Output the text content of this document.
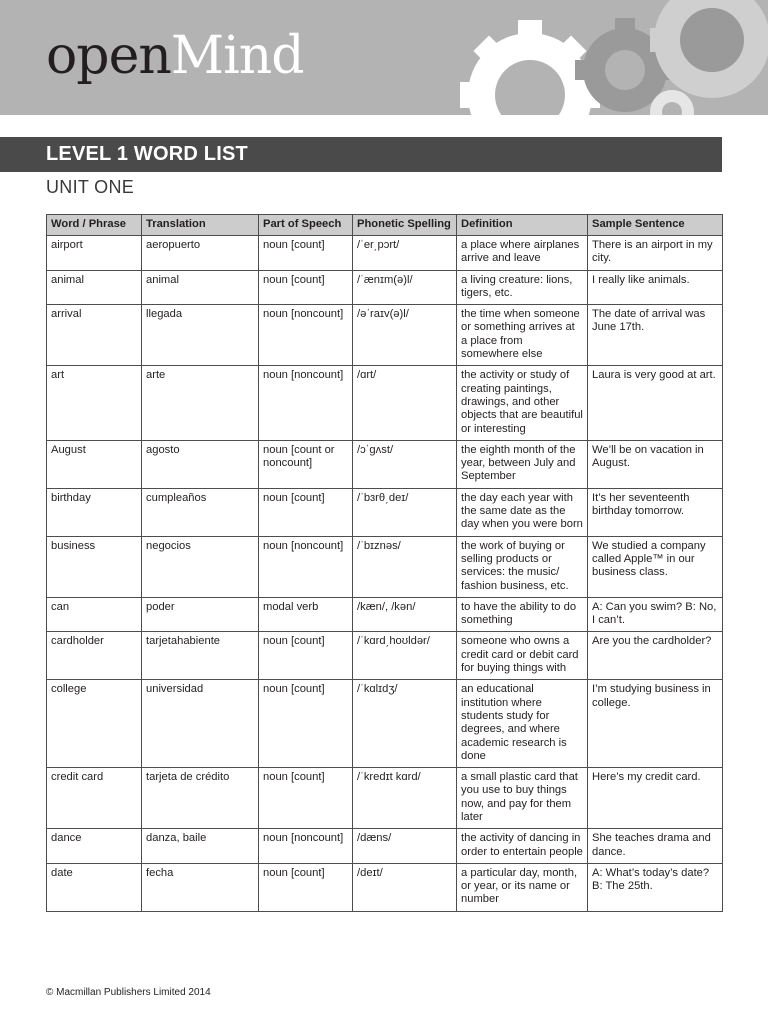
openMind
LEVEL 1 WORD LIST
UNIT ONE
Word / Phrase	Translation	Part of Speech	Phonetic Spelling	Definition	Sample Sentence
airport	aeropuerto	noun [count]	/ˈer͵pɔrt/	a place where airplanes arrive and leave	There is an airport in my city.
animal	animal	noun [count]	/ˈænɪm(ə)l/	a living creature: lions, tigers, etc.	I really like animals.
arrival	llegada	noun [noncount]	/əˈraɪv(ə)l/	the time when someone or something arrives at a place from somewhere else	The date of arrival was June 17th.
art	arte	noun [noncount]	/ɑrt/	the activity or study of creating paintings, drawings, and other objects that are beautiful or interesting	Laura is very good at art.
August	agosto	noun [count or noncount]	/ɔˈɡʌst/	the eighth month of the year, between July and September	We’ll be on vacation in August.
birthday	cumpleaños	noun [count]	/ˈbɜrθ͵deɪ/	the day each year with the same date as the day when you were born	It’s her seventeenth birthday tomorrow.
business	negocios	noun [noncount]	/ˈbɪznəs/	the work of buying or selling products or services: the music/ fashion business, etc.	We studied a company called Apple™ in our business class.
can	poder	modal verb	/kæn/, /kən/	to have the ability to do something	A: Can you swim? B: No, I can’t.
cardholder	tarjetahabiente	noun [count]	/ˈkɑrd͵hoʊldər/	someone who owns a credit card or debit card for buying things with	Are you the cardholder?
college	universidad	noun [count]	/ˈkɑlɪdʒ/	an educational institution where students study for degrees, and where academic research is done	I’m studying business in college.
credit card	tarjeta de crédito	noun [count]	/ˈkredɪt kɑrd/	a small plastic card that you use to buy things now, and pay for them later	Here’s my credit card.
dance	danza, baile	noun [noncount]	/dæns/	the activity of dancing in order to entertain people	She teaches drama and dance.
date	fecha	noun [count]	/deɪt/	a particular day, month, or year, or its name or number	A: What’s today’s date? B: The 25th.
© Macmillan Publishers Limited 2014
